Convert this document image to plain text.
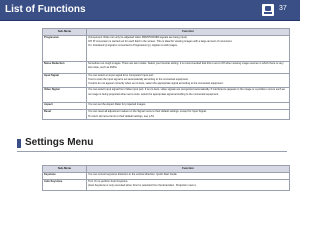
List of Functions	37
Sub-Menu	Function
Progressive	(Component Video can only be adjusted when 480i/576i/1080i signals are being input)

Off: IP conversion is carried out for each field in the screen. This is ideal for viewing images with a large amount of movement.

On: Interlaced (i) signal is converted to Progressive (p). Applies to still images.

Noise Reduction	Smoothes out rough images. There are two modes. Select your favorite setting. It is recommended that this is set to Off when viewing image sources in which there is very low noise, such as DVDs.

Input Signal	You can select an input signal from Computer2 input port.

If set to Auto the input signal is set automatically according to the connected equipment.

If colors do not appear correctly when set to Auto, select the appropriate signal according to the connected equipment.

Video Signal	You can select input signal from Video input port. If set to Auto, video signals are recognized automatically. If interference appears in the image or a problem occurs such as no image is being projected when set to Auto, select the appropriate signal according to the connected equipment.

Aspect	You can set the Aspect Ratio for projected images.

Reset	You can reset all adjustment values on the Signal menu to their default settings, except for Input Signal.

To return all menu items to their default settings, see p.51

Settings Menu
Sub-Menu	Function
Keystone	You can correct keystone distortion in the vertical direction. Quick Start Guide

Auto Keystone	Turn On to perform Auto Keystone.

(Auto Keystone is only executed when Front is selected from the Extended - Projection menu.)
